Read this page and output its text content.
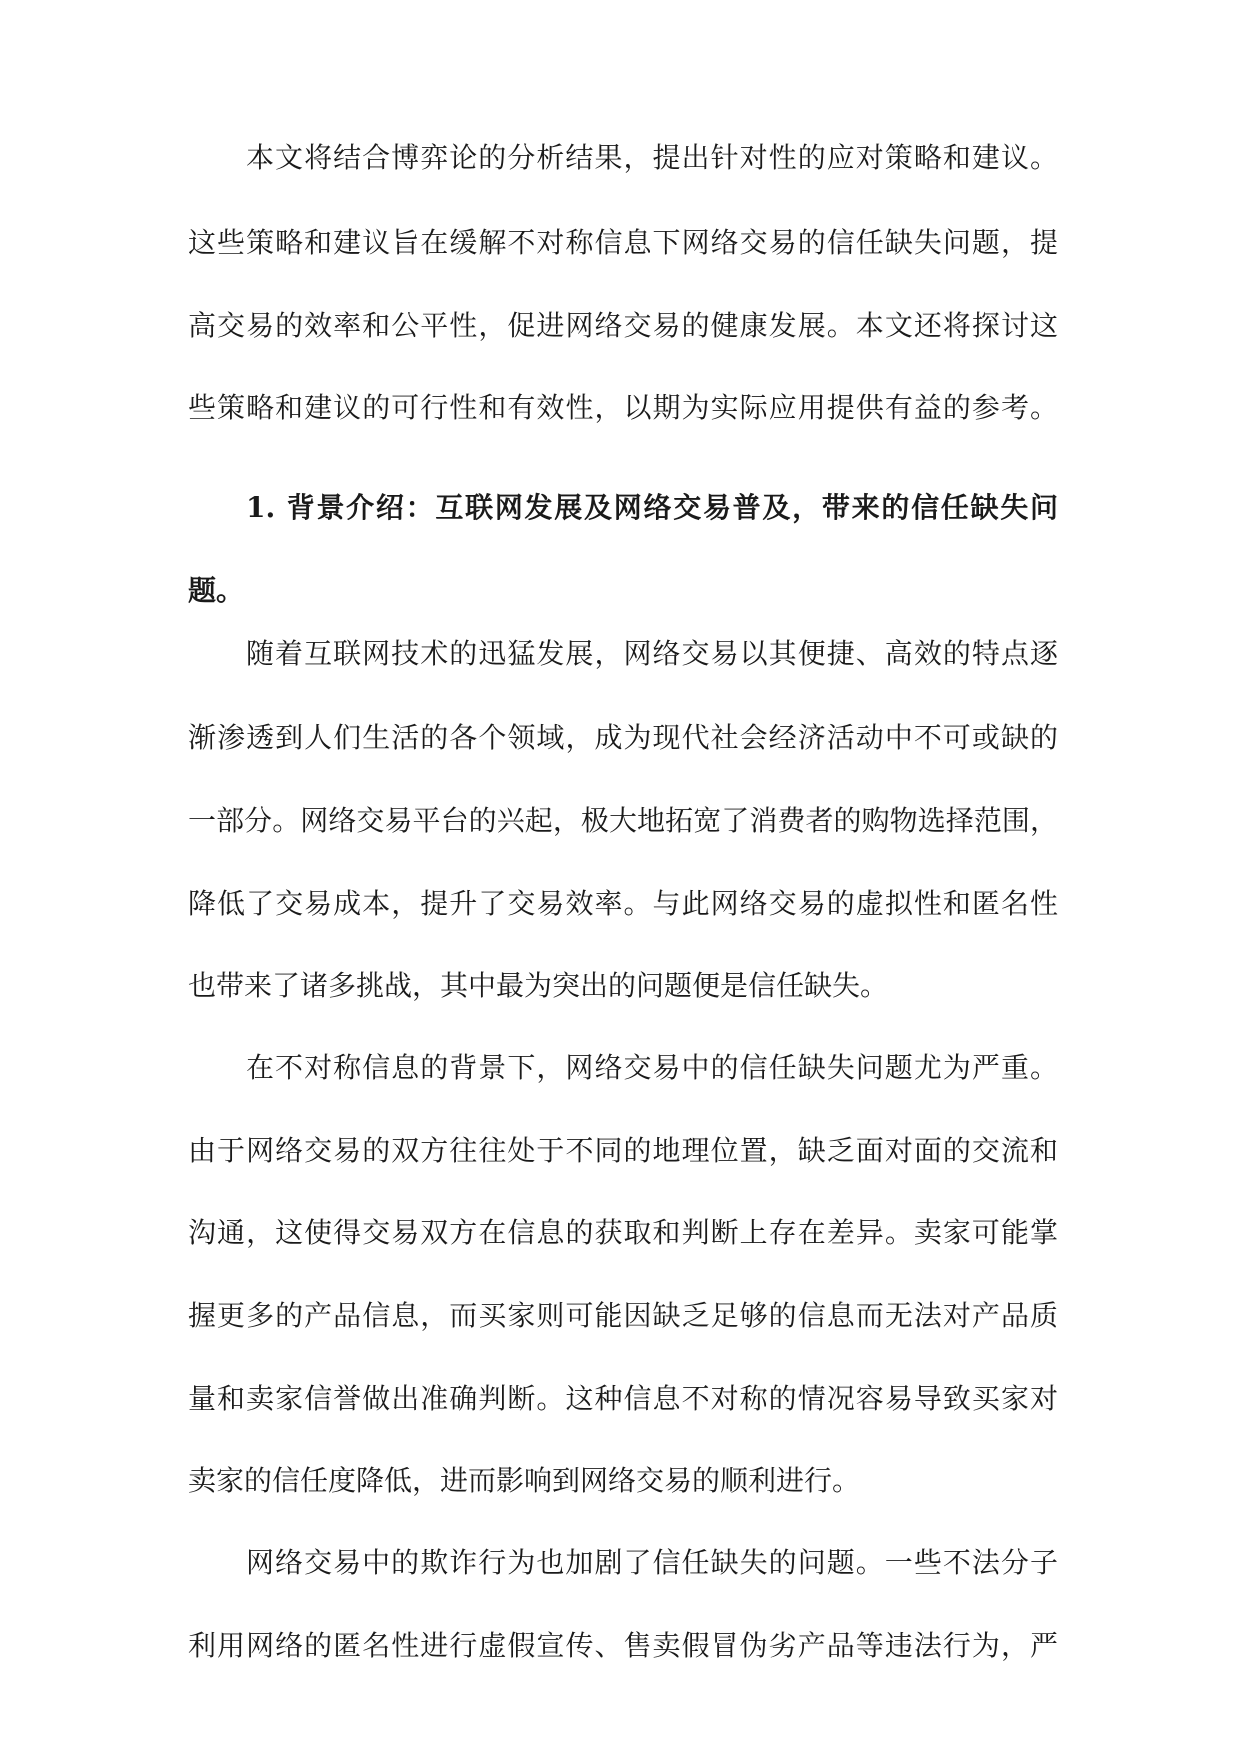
本文将结合博弈论的分析结果，提出针对性的应对策略和建议。
这些策略和建议旨在缓解不对称信息下网络交易的信任缺失问题，提
高交易的效率和公平性，促进网络交易的健康发展。本文还将探讨这
些策略和建议的可行性和有效性，以期为实际应用提供有益的参考。
1. 背景介绍：互联网发展及网络交易普及，带来的信任缺失问
题。
随着互联网技术的迅猛发展，网络交易以其便捷、高效的特点逐
渐渗透到人们生活的各个领域，成为现代社会经济活动中不可或缺的
一部分。网络交易平台的兴起，极大地拓宽了消费者的购物选择范围，
降低了交易成本，提升了交易效率。与此网络交易的虚拟性和匿名性
也带来了诸多挑战，其中最为突出的问题便是信任缺失。
在不对称信息的背景下，网络交易中的信任缺失问题尤为严重。
由于网络交易的双方往往处于不同的地理位置，缺乏面对面的交流和
沟通，这使得交易双方在信息的获取和判断上存在差异。卖家可能掌
握更多的产品信息，而买家则可能因缺乏足够的信息而无法对产品质
量和卖家信誉做出准确判断。这种信息不对称的情况容易导致买家对
卖家的信任度降低，进而影响到网络交易的顺利进行。
网络交易中的欺诈行为也加剧了信任缺失的问题。一些不法分子
利用网络的匿名性进行虚假宣传、售卖假冒伪劣产品等违法行为，严
